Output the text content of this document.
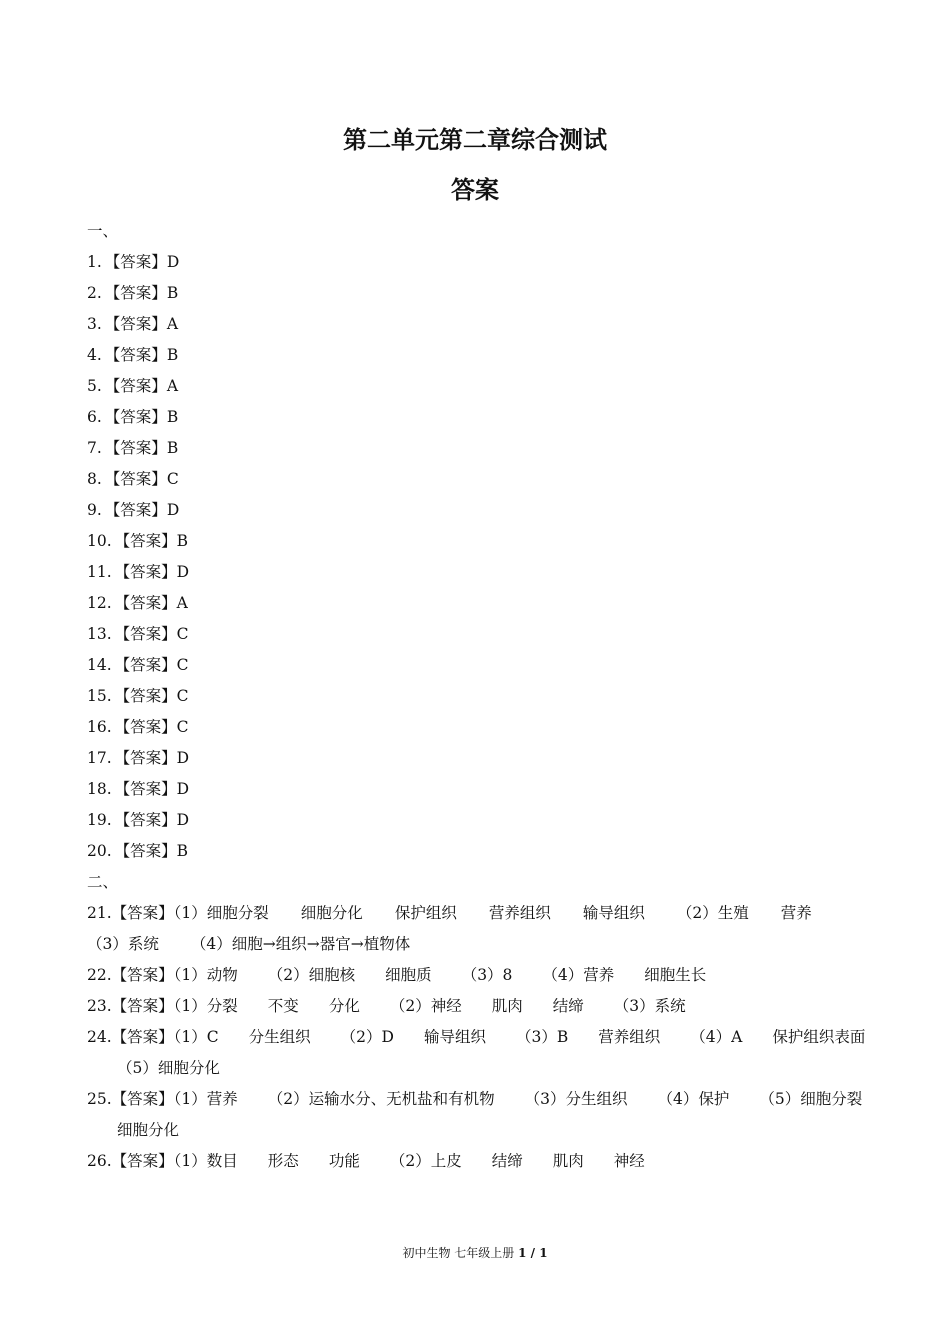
第二单元第二章综合测试
答案
一、
1. 【答案】D
2. 【答案】B
3. 【答案】A
4. 【答案】B
5. 【答案】A
6. 【答案】B
7. 【答案】B
8. 【答案】C
9. 【答案】D
10. 【答案】B
11. 【答案】D
12. 【答案】A
13. 【答案】C
14. 【答案】C
15. 【答案】C
16. 【答案】C
17. 【答案】D
18. 【答案】D
19. 【答案】D
20. 【答案】B
二、
21.【答案】（1）细胞分裂 细胞分化 保护组织 营养组织 输导组织 （2）生殖 营养（3）系统 （4）细胞→组织→器官→植物体
22.【答案】（1）动物 （2）细胞核 细胞质 （3）8 （4）营养 细胞生长
23.【答案】（1）分裂 不变 分化 （2）神经 肌肉 结缔 （3）系统
24.【答案】（1）C 分生组织 （2）D 输导组织 （3）B 营养组织 （4）A 保护组织表面（5）细胞分化
25.【答案】（1）营养 （2）运输水分、无机盐和有机物 （3）分生组织 （4）保护 （5）细胞分裂细胞分化
26.【答案】（1）数目 形态 功能 （2）上皮 结缔 肌肉 神经
初中生物 七年级上册 1 / 1
